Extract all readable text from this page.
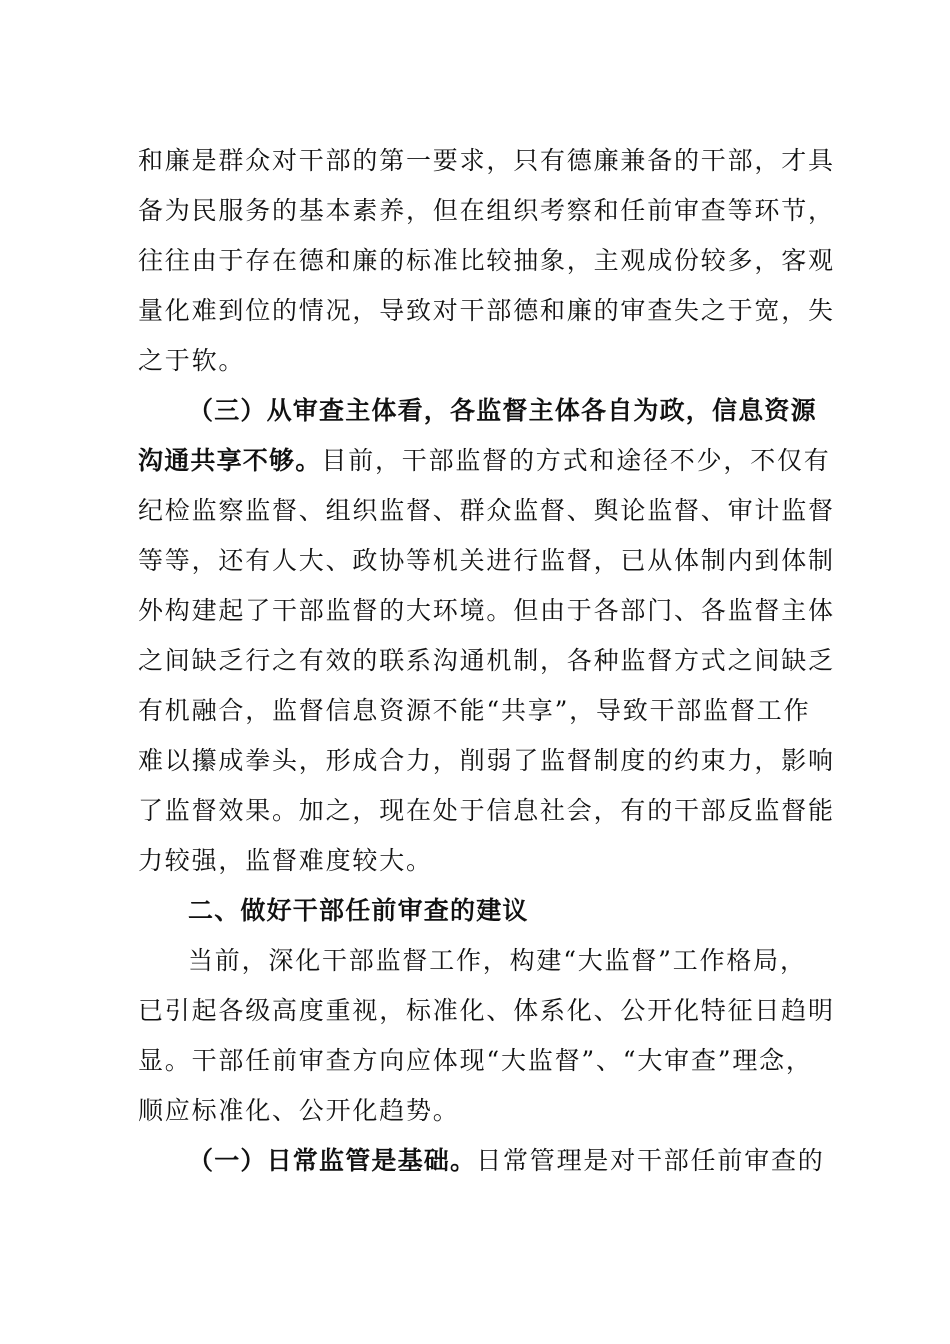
和廉是群众对干部的第一要求，只有德廉兼备的干部，才具
备为民服务的基本素养，但在组织考察和任前审查等环节，
往往由于存在德和廉的标准比较抽象，主观成份较多，客观
量化难到位的情况，导致对干部德和廉的审查失之于宽，失
之于软。
（三）从审查主体看，各监督主体各自为政，信息资源
沟通共享不够。目前，干部监督的方式和途径不少，不仅有
纪检监察监督、组织监督、群众监督、舆论监督、审计监督
等等，还有人大、政协等机关进行监督，已从体制内到体制
外构建起了干部监督的大环境。但由于各部门、各监督主体
之间缺乏行之有效的联系沟通机制，各种监督方式之间缺乏
有机融合，监督信息资源不能“共享”，导致干部监督工作
难以攥成拳头，形成合力，削弱了监督制度的约束力，影响
了监督效果。加之，现在处于信息社会，有的干部反监督能
力较强，监督难度较大。
二、做好干部任前审查的建议
当前，深化干部监督工作，构建“大监督”工作格局，
已引起各级高度重视，标准化、体系化、公开化特征日趋明
显。干部任前审查方向应体现“大监督”、“大审查”理念，
顺应标准化、公开化趋势。
（一）日常监管是基础。日常管理是对干部任前审查的
